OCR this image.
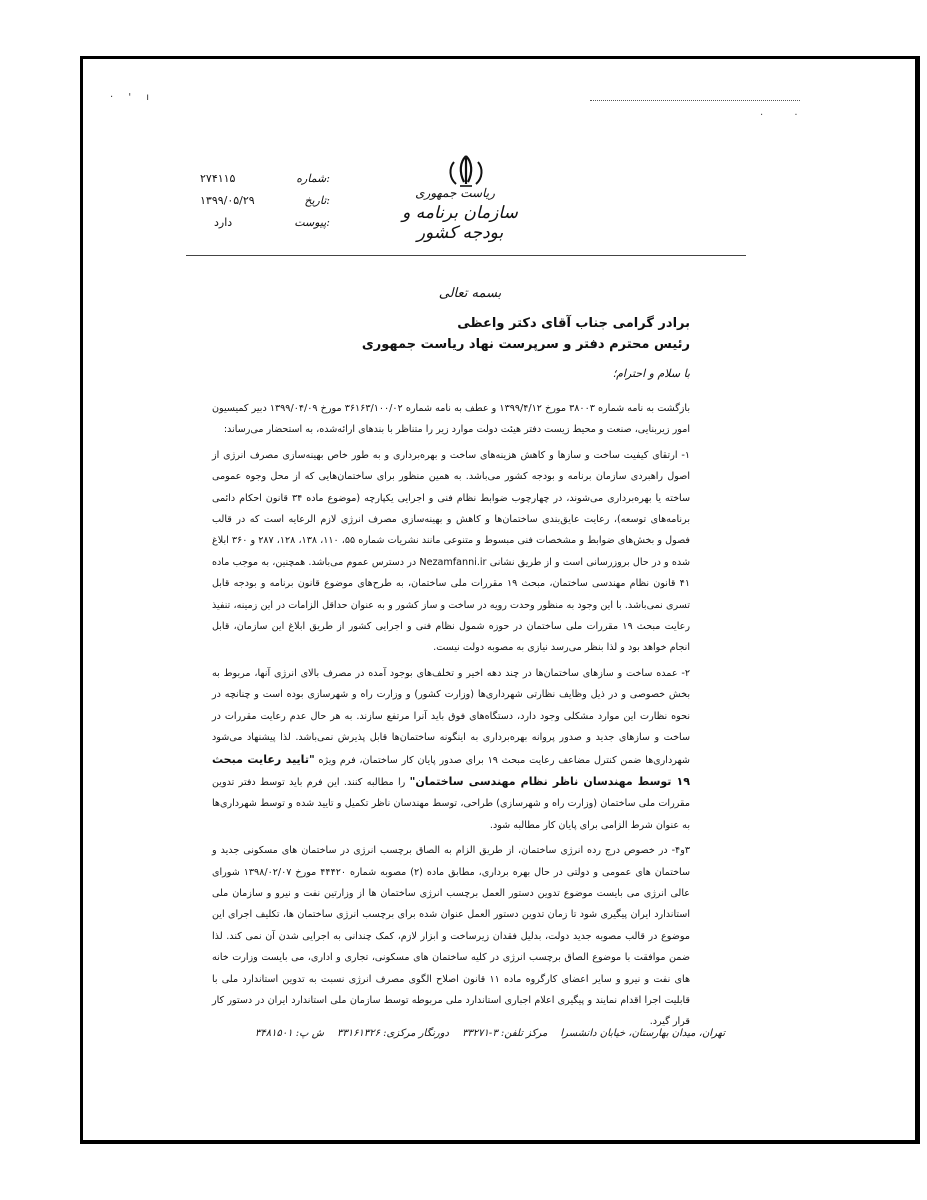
· ' ı
· ·
ریاست جمهوری
سازمان برنامه و بودجه کشور
۲۷۴۱۱۵	شماره:
۱۳۹۹/۰۵/۲۹	تاریخ:
دارد	پیوست:
بسمه تعالی
برادر گرامی جناب آقای دکتر واعظی
رئیس محترم دفتر و سرپرست نهاد ریاست جمهوری
با سلام و احترام؛

بازگشت به نامه شماره ۳۸۰۰۳ مورخ ۱۳۹۹/۴/۱۲ و عطف به نامه شماره ۳۶۱۶۳/۱۰۰/۰۲ مورخ ۱۳۹۹/۰۴/۰۹ دبیر کمیسیون امور زیربنایی، صنعت و محیط زیست دفتر هیئت دولت موارد زیر را متناظر با بندهای ارائه‌شده، به استحضار می‌رساند:

۱- ارتقای کیفیت ساخت و سازها و کاهش هزینه‌های ساخت و بهره‌برداری و به طور خاص بهینه‌سازی مصرف انرژی از اصول راهبردی سازمان برنامه و بودجه کشور می‌باشد. به همین منظور برای ساختمان‌هایی که از محل وجوه عمومی ساخته یا بهره‌برداری می‌شوند، در چهارچوب ضوابط نظام فنی و اجرایی یکپارچه (موضوع ماده ۳۴ قانون احکام دائمی برنامه‌های توسعه)، رعایت عایق‌بندی ساختمان‌ها و کاهش و بهینه‌سازی مصرف انرژی لازم الرعایه است که در قالب فصول و بخش‌های ضوابط و مشخصات فنی مبسوط و متنوعی مانند نشریات شماره ۵۵، ۱۱۰، ۱۳۸، ۱۲۸، ۲۸۷ و ۳۶۰ ابلاغ شده و در حال بروزرسانی است و از طریق نشانی Nezamfanni.ir در دسترس عموم می‌باشد. همچنین، به موجب ماده ۴۱ قانون نظام مهندسی ساختمان، مبحث ۱۹ مقررات ملی ساختمان، به طرح‌های موضوع قانون برنامه و بودجه قابل تسری نمی‌باشد. با این وجود به منظور وحدت رویه در ساخت و ساز کشور و به عنوان حداقل الزامات در این زمینه، تنفیذ رعایت مبحث ۱۹ مقررات ملی ساختمان در حوزه شمول نظام فنی و اجرایی کشور از طریق ابلاغ این سازمان، قابل انجام خواهد بود و لذا بنظر می‌رسد نیازی به مصوبه دولت نیست.

۲- عمده ساخت و سازهای ساختمان‌ها در چند دهه اخیر و تخلف‌های بوجود آمده در مصرف بالای انرژی آنها، مربوط به بخش خصوصی و در ذیل وظایف نظارتی شهرداری‌ها (وزارت کشور) و وزارت راه و شهرسازی بوده است و چنانچه در نحوه نظارت این موارد مشکلی وجود دارد، دستگاه‌های فوق باید آنرا مرتفع سازند. به هر حال عدم رعایت مقررات در ساخت و سازهای جدید و صدور پروانه بهره‌برداری به اینگونه ساختمان‌ها قابل پذیرش نمی‌باشد. لذا پیشنهاد می‌شود شهرداری‌ها ضمن کنترل مضاعف رعایت مبحث ۱۹ برای صدور پایان کار ساختمان، فرم ویژه "تایید رعایت مبحث ۱۹ توسط مهندسان ناظر نظام مهندسی ساختمان" را مطالبه کنند. این فرم باید توسط دفتر تدوین مقررات ملی ساختمان (وزارت راه و شهرسازی) طراحی، توسط مهندسان ناظر تکمیل و تایید شده و توسط شهرداری‌ها به عنوان شرط الزامی برای پایان کار مطالبه شود.

۳و۴- در خصوص درج رده انرژی ساختمان، از طریق الزام به الصاق برچسب انرژی در ساختمان های مسکونی جدید و ساختمان های عمومی و دولتی در حال بهره برداری، مطابق ماده (۲) مصوبه شماره ۴۴۴۲۰ مورخ ۱۳۹۸/۰۲/۰۷ شورای عالی انرژی می بایست موضوع تدوین دستور العمل برچسب انرژی ساختمان ها از وزارتین نفت و نیرو و سازمان ملی استاندارد ایران پیگیری شود تا زمان تدوین دستور العمل عنوان شده برای برچسب انرژی ساختمان ها، تکلیف اجرای این موضوع در قالب مصوبه جدید دولت، بدلیل فقدان زیرساخت و ابزار لازم، کمک چندانی به اجرایی شدن آن نمی کند. لذا ضمن موافقت با موضوع الصاق برچسب انرژی در کلیه ساختمان های مسکونی، تجاری و اداری، می بایست وزارت خانه های نفت و نیرو و سایر اعضای کارگروه ماده ۱۱ قانون اصلاح الگوی مصرف انرژی نسبت به تدوین استاندارد ملی با قابلیت اجرا اقدام نمایند و پیگیری اعلام اجباری استاندارد ملی مربوطه توسط سازمان ملی استاندارد ایران در دستور کار قرار گیرد.

تهران، میدان بهارستان، خیابان دانشسرا
مرکز تلفن: ۳-۳۳۲۷۱
دورنگار مرکزی: ۳۳۱۶۱۳۲۶
ش پ: ۳۴۸۱۵۰۱
